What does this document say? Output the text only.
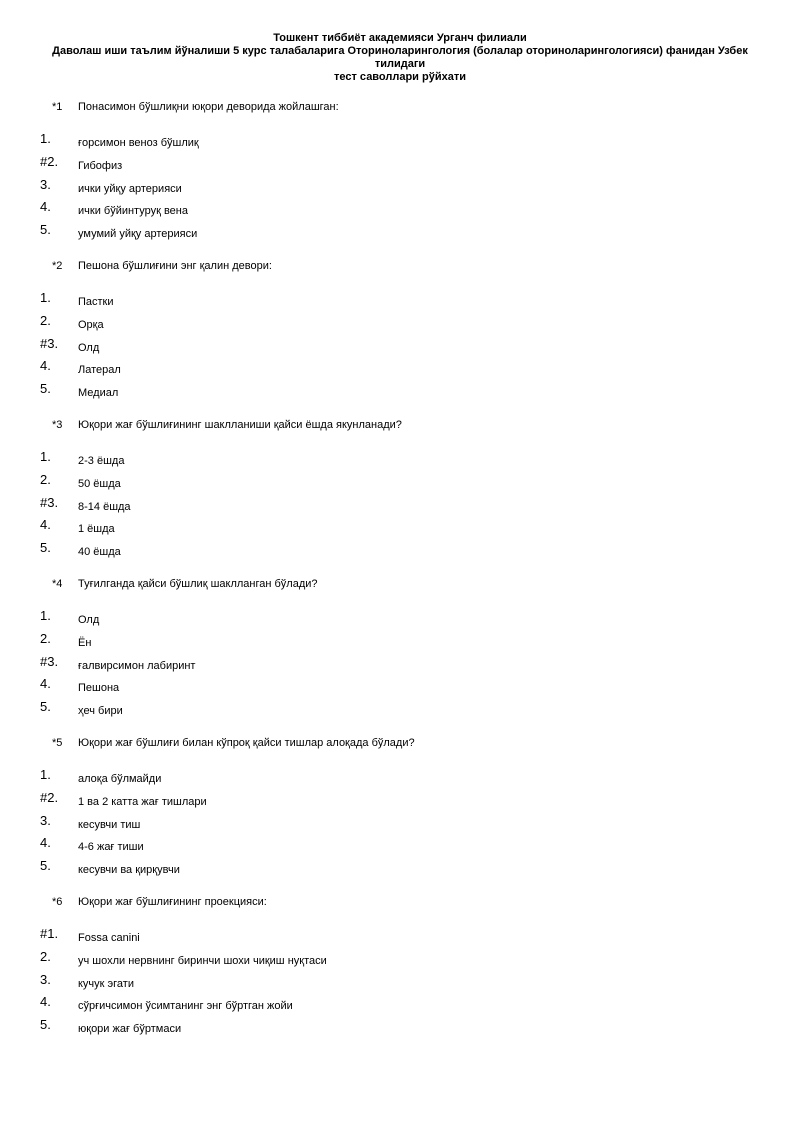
Тошкент тиббиёт академияси Урганч филиали
Даволаш иши таълим йўналиши 5 курс талабаларига Оториноларингология (болалар оториноларингологияси) фанидан Узбек тилидаги
тест саволлари рўйхати
*1 Понасимон бўшлиқни юқори деворида жойлашган:
1. ғорсимон веноз бўшлиқ
#2. Гибофиз
3. ички уйқу артерияси
4. ички бўйинтуруқ вена
5. умумий уйқу артерияси
*2 Пешона бўшлиғини энг қалин девори:
1. Пастки
2. Орқа
#3. Олд
4. Латерал
5. Медиал
*3 Юқори жағ бўшлиғининг шаклланиши қайси ёшда якунланади?
1. 2-3 ёшда
2. 50 ёшда
#3. 8-14 ёшда
4. 1 ёшда
5. 40 ёшда
*4 Туғилганда қайси бўшлиқ шаклланган бўлади?
1. Олд
2. Ён
#3. ғалвирсимон лабиринт
4. Пешона
5. ҳеч бири
*5 Юқори жағ бўшлиғи билан кўпроқ қайси тишлар алоқада бўлади?
1. алоқа бўлмайди
#2. 1 ва 2 катта жағ тишлари
3. кесувчи тиш
4. 4-6 жағ тиши
5. кесувчи ва қирқувчи
*6 Юқори жағ бўшлиғининг проекцияси:
#1. Fossa canini
2. уч шохли нервнинг биринчи шохи чиқиш нуқтаси
3. кучук эгати
4. сўрғичсимон ўсимтанинг энг бўртган жойи
5. юқори жағ бўртмаси
